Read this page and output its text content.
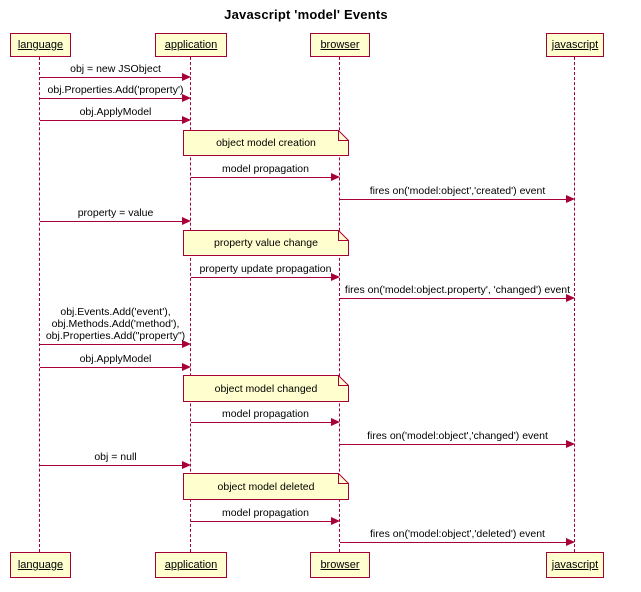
Javascript 'model' Events
language
language
application
application
browser
browser
javascript
javascript
object model creation
property value change
object model changed
object model deleted
obj = new JSObject
obj.Properties.Add('property')
obj.ApplyModel
model propagation
fires on('model:object','created') event
property = value
property update propagation
fires on('model:object.property', 'changed') event
obj.Events.Add('event'),
obj.Methods.Add('method'),
obj.Properties.Add("property")
obj.ApplyModel
model propagation
fires on('model:object','changed') event
obj = null
model propagation
fires on('model:object','deleted') event
